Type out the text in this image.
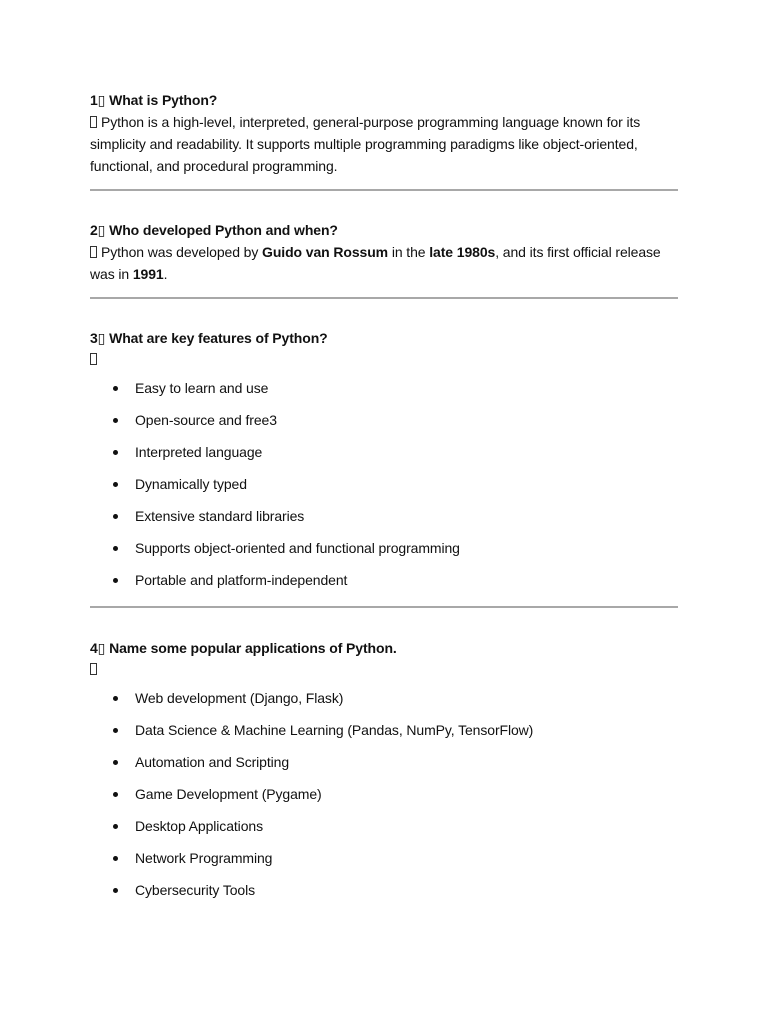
1▯ What is Python?

Python is a high-level, interpreted, general-purpose programming language known for its simplicity and readability. It supports multiple programming paradigms like object-oriented, functional, and procedural programming.

2▯ Who developed Python and when?

Python was developed by Guido van Rossum in the late 1980s, and its first official release was in 1991.

3▯ What are key features of Python?

Easy to learn and use
Open-source and free3
Interpreted language
Dynamically typed
Extensive standard libraries
Supports object-oriented and functional programming
Portable and platform-independent

4▯ Name some popular applications of Python.

Web development (Django, Flask)
Data Science & Machine Learning (Pandas, NumPy, TensorFlow)
Automation and Scripting
Game Development (Pygame)
Desktop Applications
Network Programming
Cybersecurity Tools
